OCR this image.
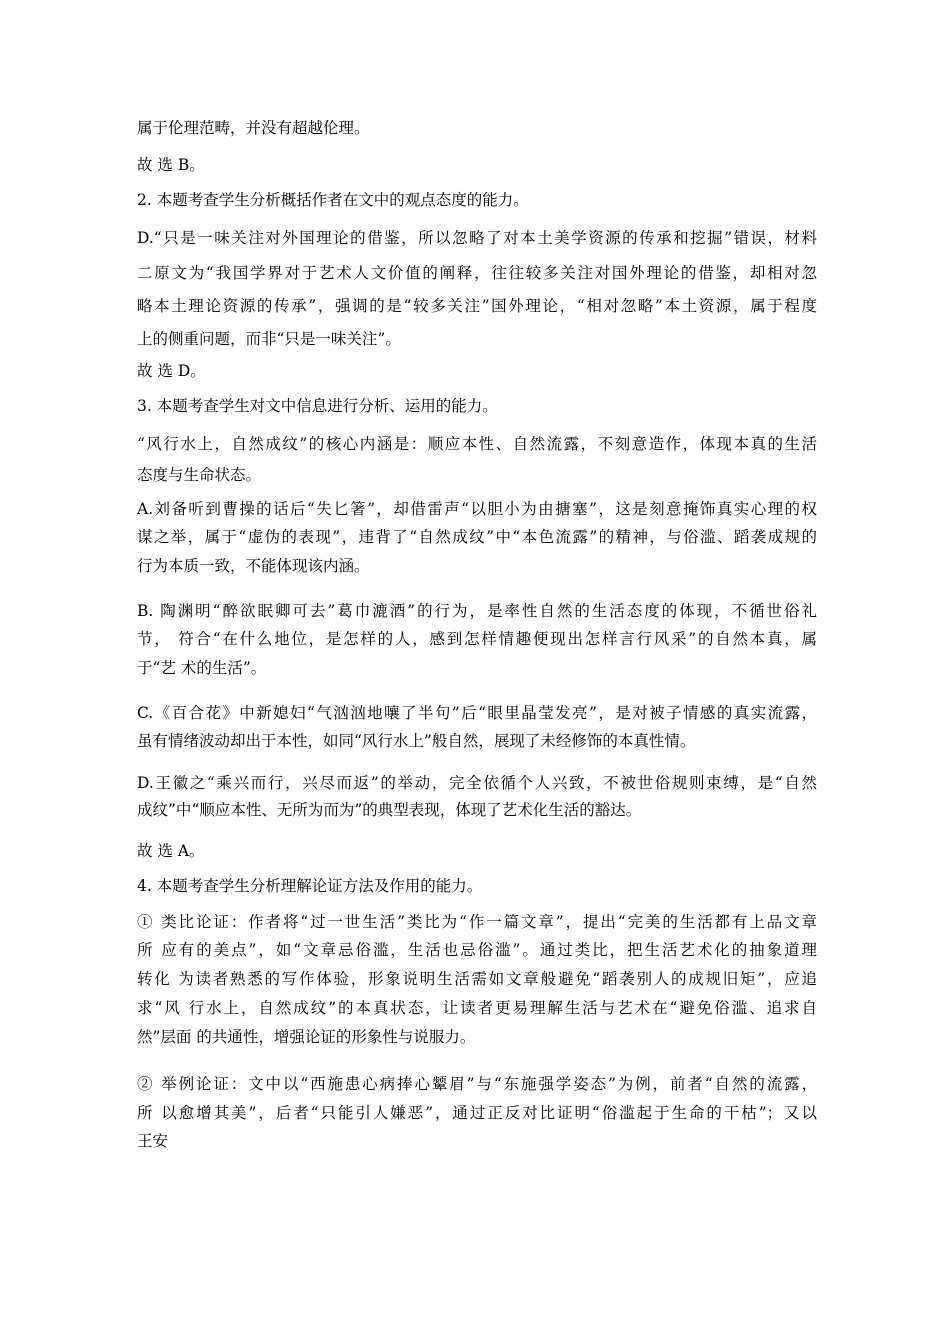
属于伦理范畴，并没有超越伦理。
故 选 B。
2. 本题考查学生分析概括作者在文中的观点态度的能力。
D.“只是一味关注对外国理论的借鉴，所以忽略了对本土美学资源的传承和挖掘”错误，材料
二原文为“我国学界对于艺术人文价值的阐释，往往较多关注对国外理论的借鉴，却相对忽
略本土理论资源的传承”，强调的是“较多关注”国外理论，“相对忽略”本土资源，属于程度
上的侧重问题，而非“只是一味关注”。
故 选 D。
3. 本题考查学生对文中信息进行分析、运用的能力。
“风行水上，自然成纹”的核心内涵是：顺应本性、自然流露，不刻意造作，体现本真的生活
态度与生命状态。
A.刘备听到曹操的话后“失匕箸”，却借雷声“以胆小为由搪塞”，这是刻意掩饰真实心理的权
谋之举，属于“虚伪的表现”，违背了“自然成纹”中“本色流露”的精神，与俗滥、蹈袭成规的
行为本质一致，不能体现该内涵。
B. 陶渊明“醉欲眠卿可去”葛巾漉酒”的行为，是率性自然的生活态度的体现，不循世俗礼
节， 符合“在什么地位，是怎样的人，感到怎样情趣便现出怎样言行风采”的自然本真，属
于“艺 术的生活”。
C.《百合花》中新媳妇“气汹汹地嚷了半句”后“眼里晶莹发亮”，是对被子情感的真实流露，
虽有情绪波动却出于本性，如同“风行水上”般自然，展现了未经修饰的本真性情。
D.王徽之“乘兴而行，兴尽而返”的举动，完全依循个人兴致，不被世俗规则束缚，是“自然
成纹”中“顺应本性、无所为而为”的典型表现，体现了艺术化生活的豁达。
故 选 A。
4. 本题考查学生分析理解论证方法及作用的能力。
① 类比论证：作者将“过一世生活”类比为“作一篇文章”，提出“完美的生活都有上品文章
所 应有的美点”，如“文章忌俗滥，生活也忌俗滥”。通过类比，把生活艺术化的抽象道理
转化 为读者熟悉的写作体验，形象说明生活需如文章般避免“蹈袭别人的成规旧矩”，应追
求“风 行水上，自然成纹”的本真状态，让读者更易理解生活与艺术在“避免俗滥、追求自
然”层面 的共通性，增强论证的形象性与说服力。
② 举例论证：文中以“西施患心病捧心颦眉”与“东施强学姿态”为例，前者“自然的流露，
所 以愈增其美”，后者“只能引人嫌恶”，通过正反对比证明“俗滥起于生命的干枯”；又以
王安
